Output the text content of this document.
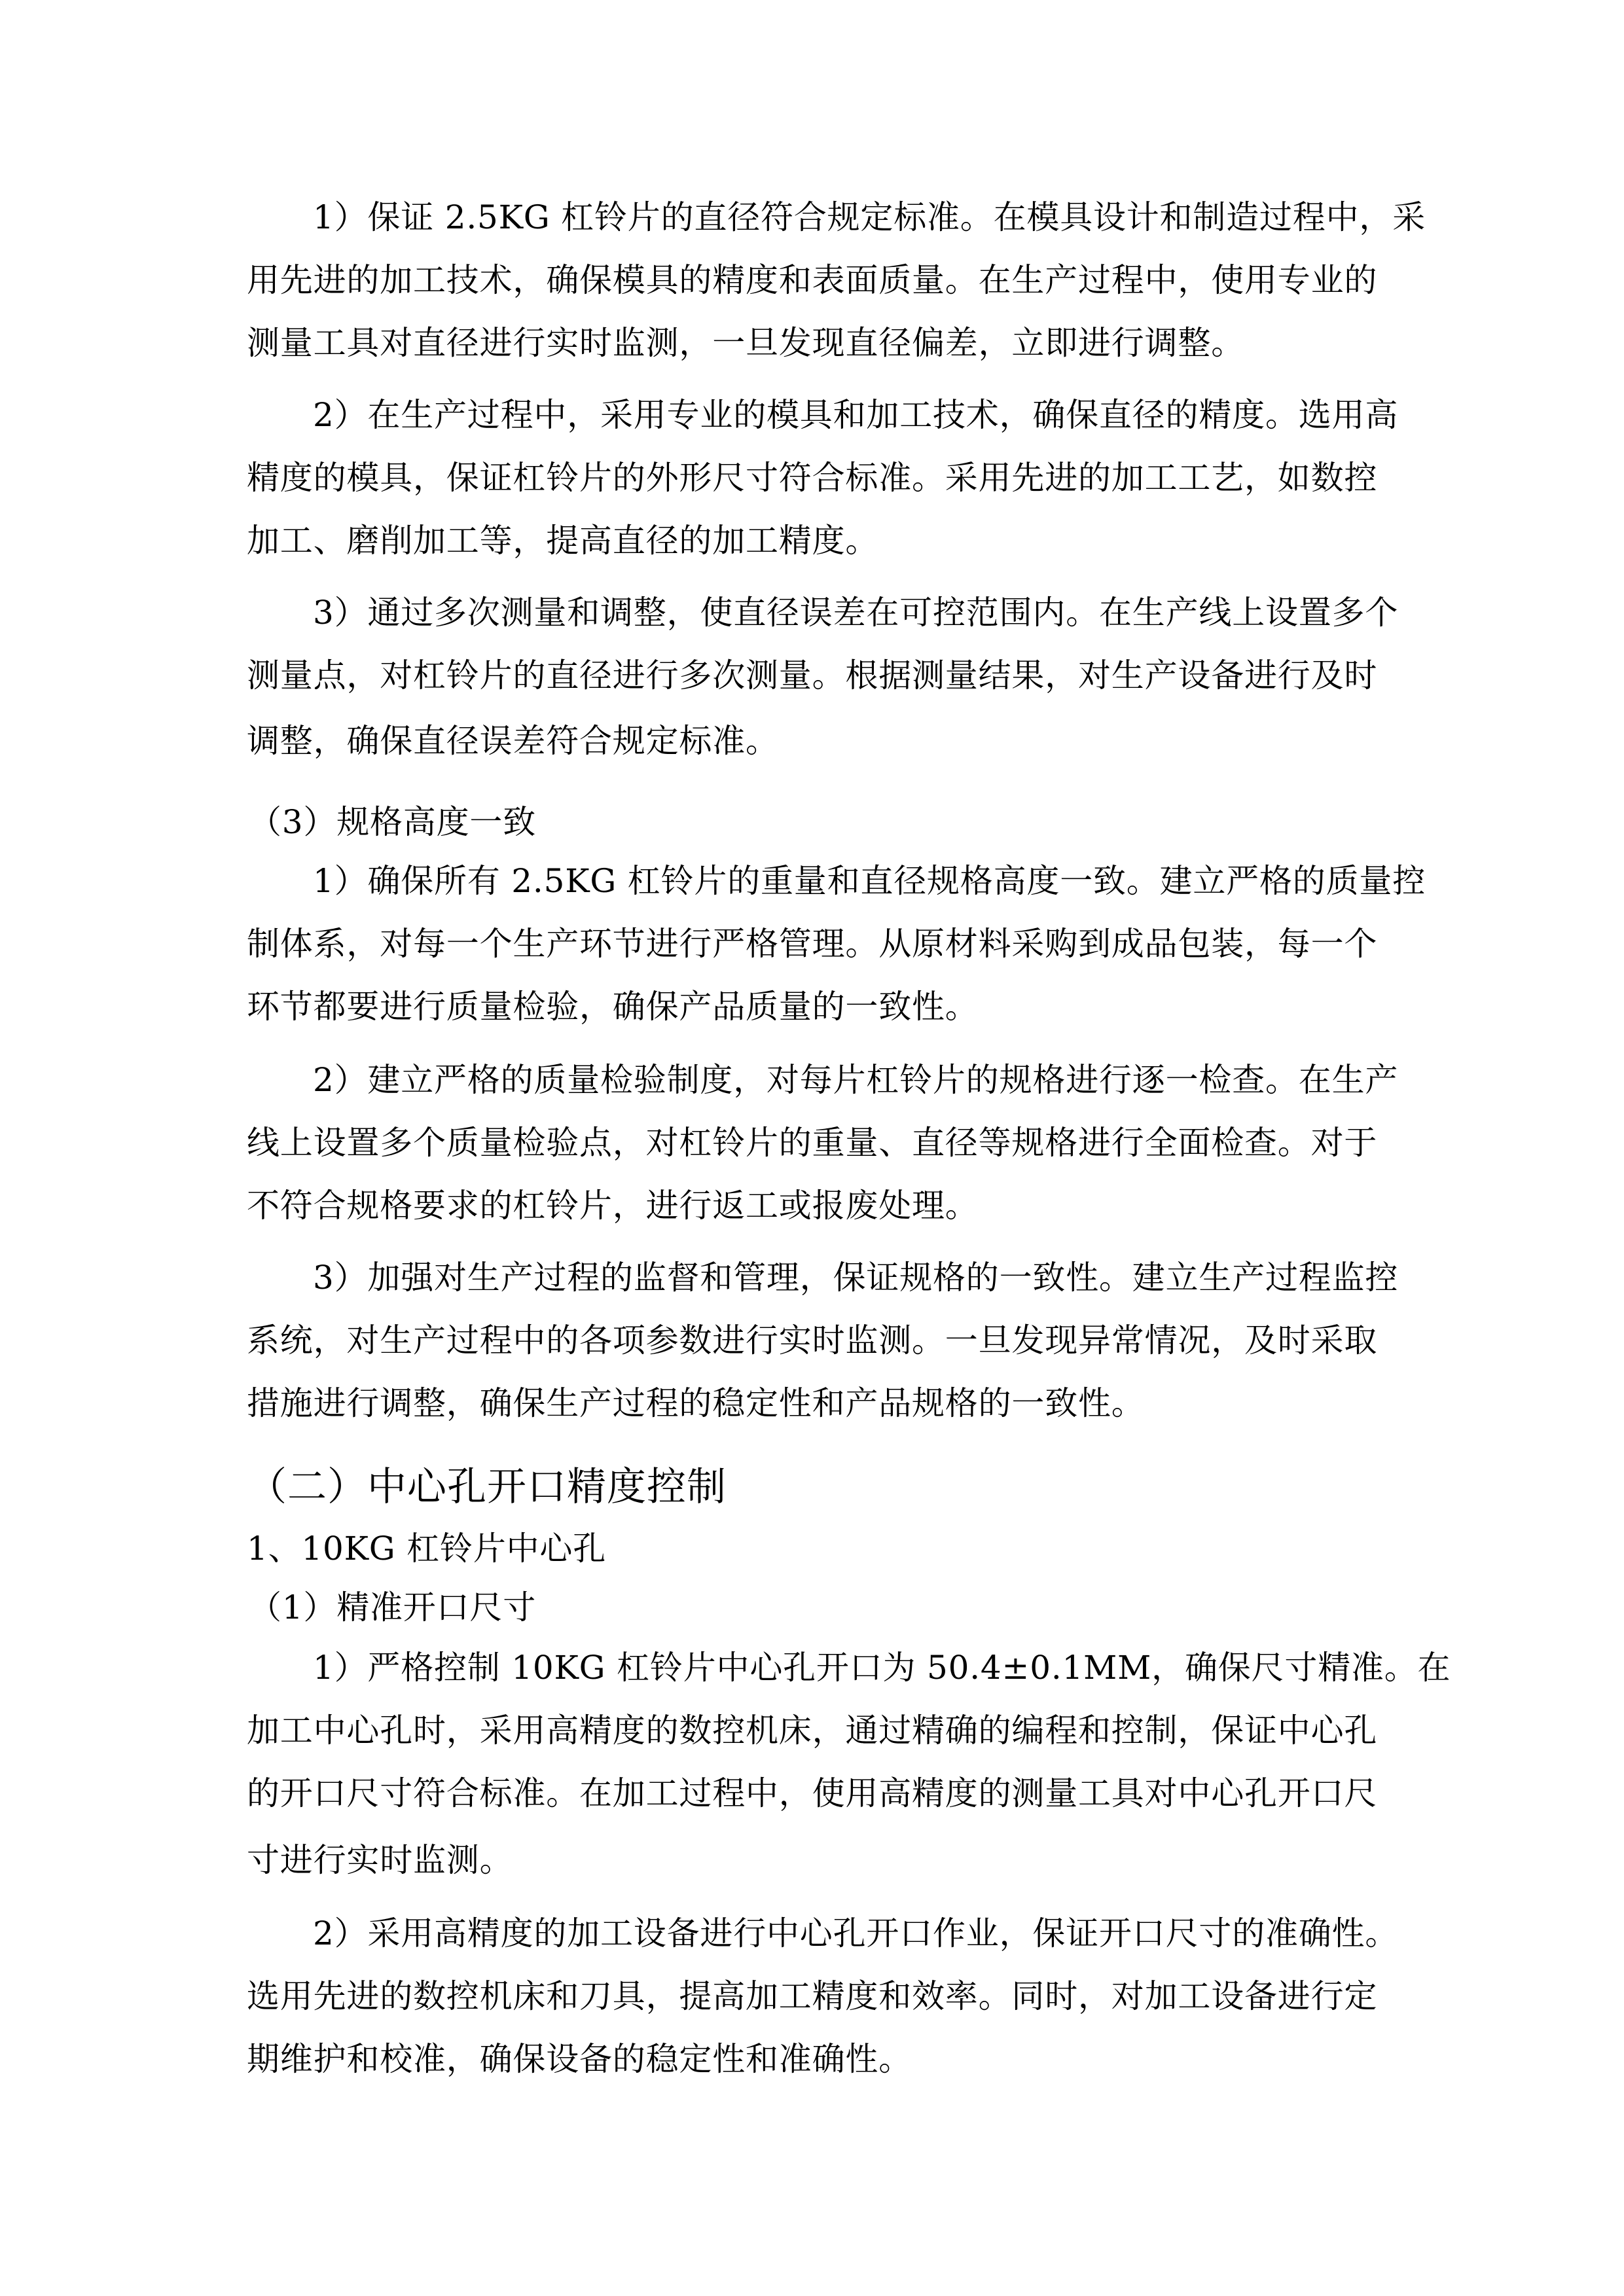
1）保证 2.5KG 杠铃片的直径符合规定标准。在模具设计和制造过程中，采
用先进的加工技术，确保模具的精度和表面质量。在生产过程中，使用专业的
测量工具对直径进行实时监测，一旦发现直径偏差，立即进行调整。
2）在生产过程中，采用专业的模具和加工技术，确保直径的精度。选用高
精度的模具，保证杠铃片的外形尺寸符合标准。采用先进的加工工艺，如数控
加工、磨削加工等，提高直径的加工精度。
3）通过多次测量和调整，使直径误差在可控范围内。在生产线上设置多个
测量点，对杠铃片的直径进行多次测量。根据测量结果，对生产设备进行及时
调整，确保直径误差符合规定标准。
（3）规格高度一致
1）确保所有 2.5KG 杠铃片的重量和直径规格高度一致。建立严格的质量控
制体系，对每一个生产环节进行严格管理。从原材料采购到成品包装，每一个
环节都要进行质量检验，确保产品质量的一致性。
2）建立严格的质量检验制度，对每片杠铃片的规格进行逐一检查。在生产
线上设置多个质量检验点，对杠铃片的重量、直径等规格进行全面检查。对于
不符合规格要求的杠铃片，进行返工或报废处理。
3）加强对生产过程的监督和管理，保证规格的一致性。建立生产过程监控
系统，对生产过程中的各项参数进行实时监测。一旦发现异常情况，及时采取
措施进行调整，确保生产过程的稳定性和产品规格的一致性。
（二）中心孔开口精度控制
1、10KG 杠铃片中心孔
（1）精准开口尺寸
1）严格控制 10KG 杠铃片中心孔开口为 50.4±0.1MM，确保尺寸精准。在
加工中心孔时，采用高精度的数控机床，通过精确的编程和控制，保证中心孔
的开口尺寸符合标准。在加工过程中，使用高精度的测量工具对中心孔开口尺
寸进行实时监测。
2）采用高精度的加工设备进行中心孔开口作业，保证开口尺寸的准确性。
选用先进的数控机床和刀具，提高加工精度和效率。同时，对加工设备进行定
期维护和校准，确保设备的稳定性和准确性。
